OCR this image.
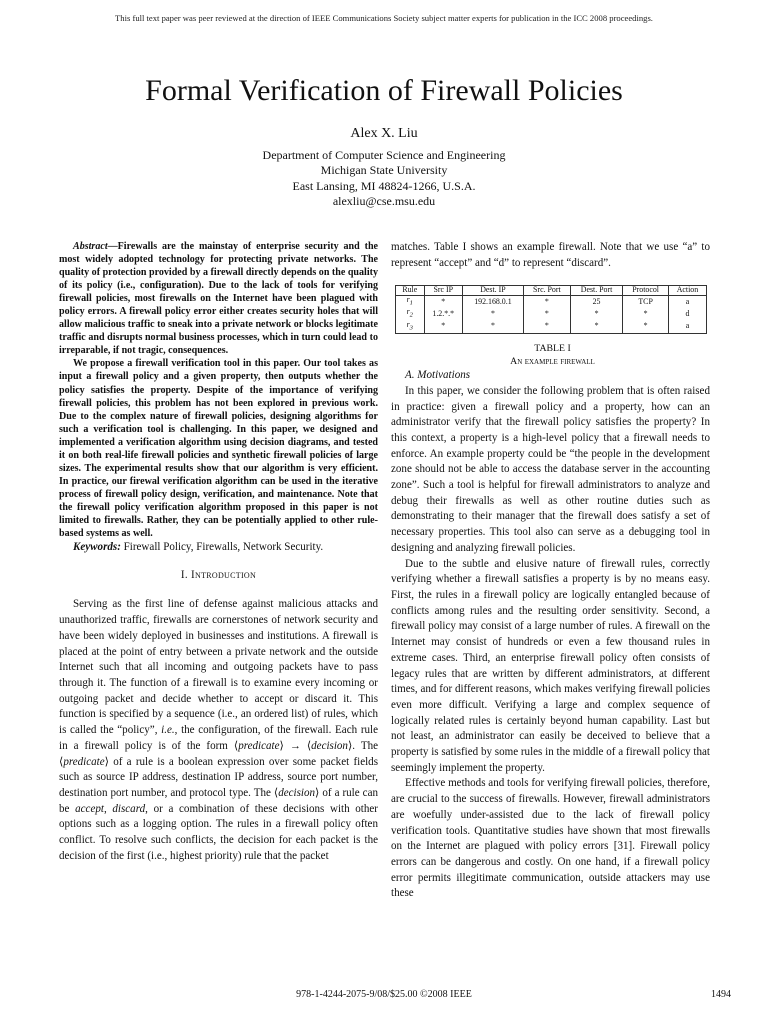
This full text paper was peer reviewed at the direction of IEEE Communications Society subject matter experts for publication in the ICC 2008 proceedings.
Formal Verification of Firewall Policies
Alex X. Liu
Department of Computer Science and Engineering
Michigan State University
East Lansing, MI 48824-1266, U.S.A.
alexliu@cse.msu.edu

Abstract—Firewalls are the mainstay of enterprise security and the most widely adopted technology for protecting private networks. The quality of protection provided by a firewall directly depends on the quality of its policy (i.e., configuration). Due to the lack of tools for verifying firewall policies, most firewalls on the Internet have been plagued with policy errors. A firewall policy error either creates security holes that will allow malicious traffic to sneak into a private network or blocks legitimate traffic and disrupts normal business processes, which in turn could lead to irreparable, if not tragic, consequences.

We propose a firewall verification tool in this paper. Our tool takes as input a firewall policy and a given property, then outputs whether the policy satisfies the property. Despite of the importance of verifying firewall policies, this problem has not been explored in previous work. Due to the complex nature of firewall policies, designing algorithms for such a verification tool is challenging. In this paper, we designed and implemented a verification algorithm using decision diagrams, and tested it on both real-life firewall policies and synthetic firewall policies of large sizes. The experimental results show that our algorithm is very efficient. In practice, our firewal verification algorithm can be used in the iterative process of firewall policy design, verification, and maintenance. Note that the firewall policy verification algorithm proposed in this paper is not limited to firewalls. Rather, they can be potentially applied to other rule-based systems as well.

Keywords: Firewall Policy, Firewalls, Network Security.

I. Introduction

Serving as the first line of defense against malicious attacks and unauthorized traffic, firewalls are cornerstones of network security and have been widely deployed in businesses and institutions. A firewall is placed at the point of entry between a private network and the outside Internet such that all incoming and outgoing packets have to pass through it. The function of a firewall is to examine every incoming or outgoing packet and decide whether to accept or discard it. This function is specified by a sequence (i.e., an ordered list) of rules, which is called the “policy”, i.e., the configuration, of the firewall. Each rule in a firewall policy is of the form ⟨predicate⟩ → ⟨decision⟩. The ⟨predicate⟩ of a rule is a boolean expression over some packet fields such as source IP address, destination IP address, source port number, destination port number, and protocol type. The ⟨decision⟩ of a rule can be accept, discard, or a combination of these decisions with other options such as a logging option. The rules in a firewall policy often conflict. To resolve such conflicts, the decision for each packet is the decision of the first (i.e., highest priority) rule that the packet

matches. Table I shows an example firewall. Note that we use “a” to represent “accept” and “d” to represent “discard”.

Rule	Src IP	Dest. IP	Src. Port	Dest. Port	Protocol	Action
$r_1$	*	192.168.0.1	*	25	TCP	a
$r_2$	1.2.*.*	*	*	*	*	d
$r_3$	*	*	*	*	*	a
TABLE I
An example firewall

A. Motivations

In this paper, we consider the following problem that is often raised in practice: given a firewall policy and a property, how can an administrator verify that the firewall policy satisfies the property? In this context, a property is a high-level policy that a firewall needs to enforce. An example property could be “the people in the development zone should not be able to access the database server in the accounting zone”. Such a tool is helpful for firewall administrators to analyze and debug their firewalls as well as other routine duties such as demonstrating to their manager that the firewall does satisfy a set of necessary properties. This tool also can serve as a debugging tool in designing and analyzing firewall policies.

Due to the subtle and elusive nature of firewall rules, correctly verifying whether a firewall satisfies a property is by no means easy. First, the rules in a firewall policy are logically entangled because of conflicts among rules and the resulting order sensitivity. Second, a firewall policy may consist of a large number of rules. A firewall on the Internet may consist of hundreds or even a few thousand rules in extreme cases. Third, an enterprise firewall policy often consists of legacy rules that are written by different administrators, at different times, and for different reasons, which makes verifying firewall policies even more difficult. Verifying a large and complex sequence of logically related rules is certainly beyond human capability. Last but not least, an administrator can easily be deceived to believe that a property is satisfied by some rules in the middle of a firewall policy that seemingly implement the property.

Effective methods and tools for verifying firewall policies, therefore, are crucial to the success of firewalls. However, firewall administrators are woefully under-assisted due to the lack of firewall policy verification tools. Quantitative studies have shown that most firewalls on the Internet are plagued with policy errors [31]. Firewall policy errors can be dangerous and costly. On one hand, if a firewall policy error permits illegitimate communication, outside attackers may use these

978-1-4244-2075-9/08/$25.00 ©2008 IEEE	1494
